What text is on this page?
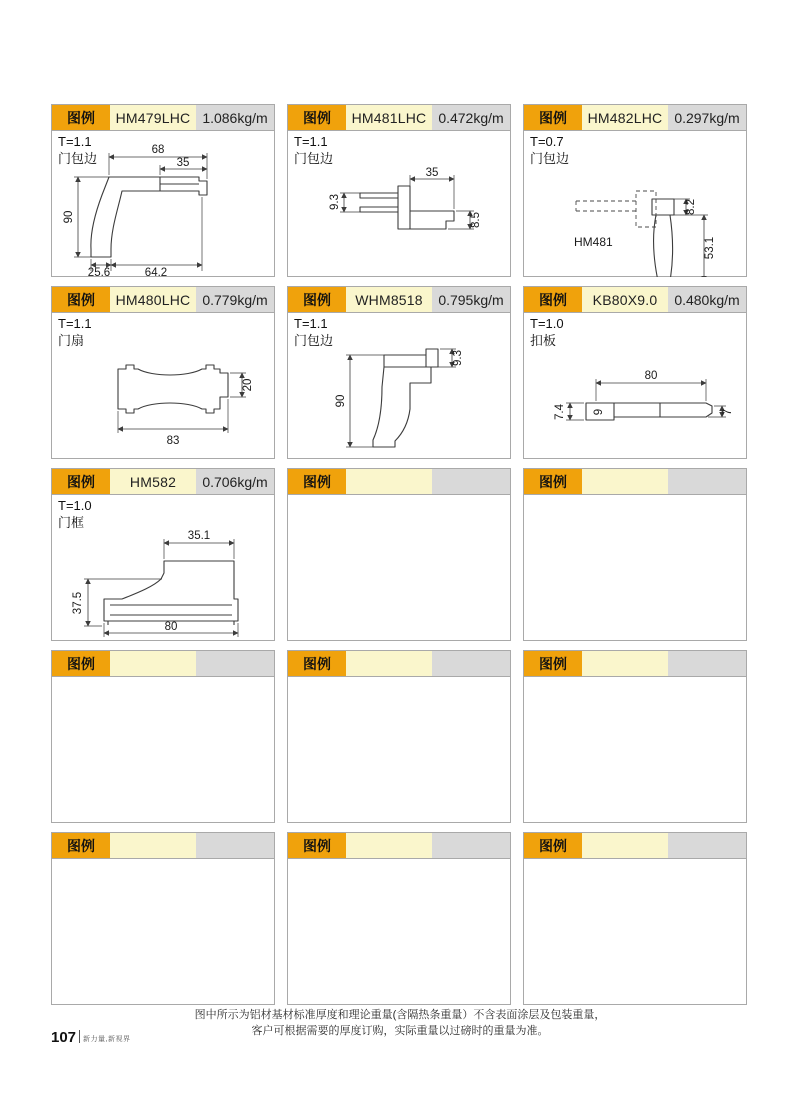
图例	HM479LHC 1.086kg/m
T=1.1
门包边
68
35
90
25.6	64.2
图例	HM481LHC 0.472kg/m
T=1.1
门包边
9.3
35
8.5
图例	HM482LHC 0.297kg/m
T=0.7
门包边
8.2
53.1
HM481
图例	HM480LHC 0.779kg/m
T=1.1
门扇
20
83
图例	WHM8518	0.795kg/m
T=1.1
门包边
9.3
90
图例	KB80X9.0	0.480kg/m
T=1.0
扣板
80
7.4 9	7
图例	HM582	0.706kg/m
T=1.0
门框
35.1
37.5
80
图例	图例
图例	图例	图例
图例	图例	图例
图中所示为铝材基材标准厚度和理论重量(含隔热条重量）不含表面涂层及包装重量，
客户可根据需要的厚度订购，实际重量以过磅时的重量为准。
107 新力量,新视界
